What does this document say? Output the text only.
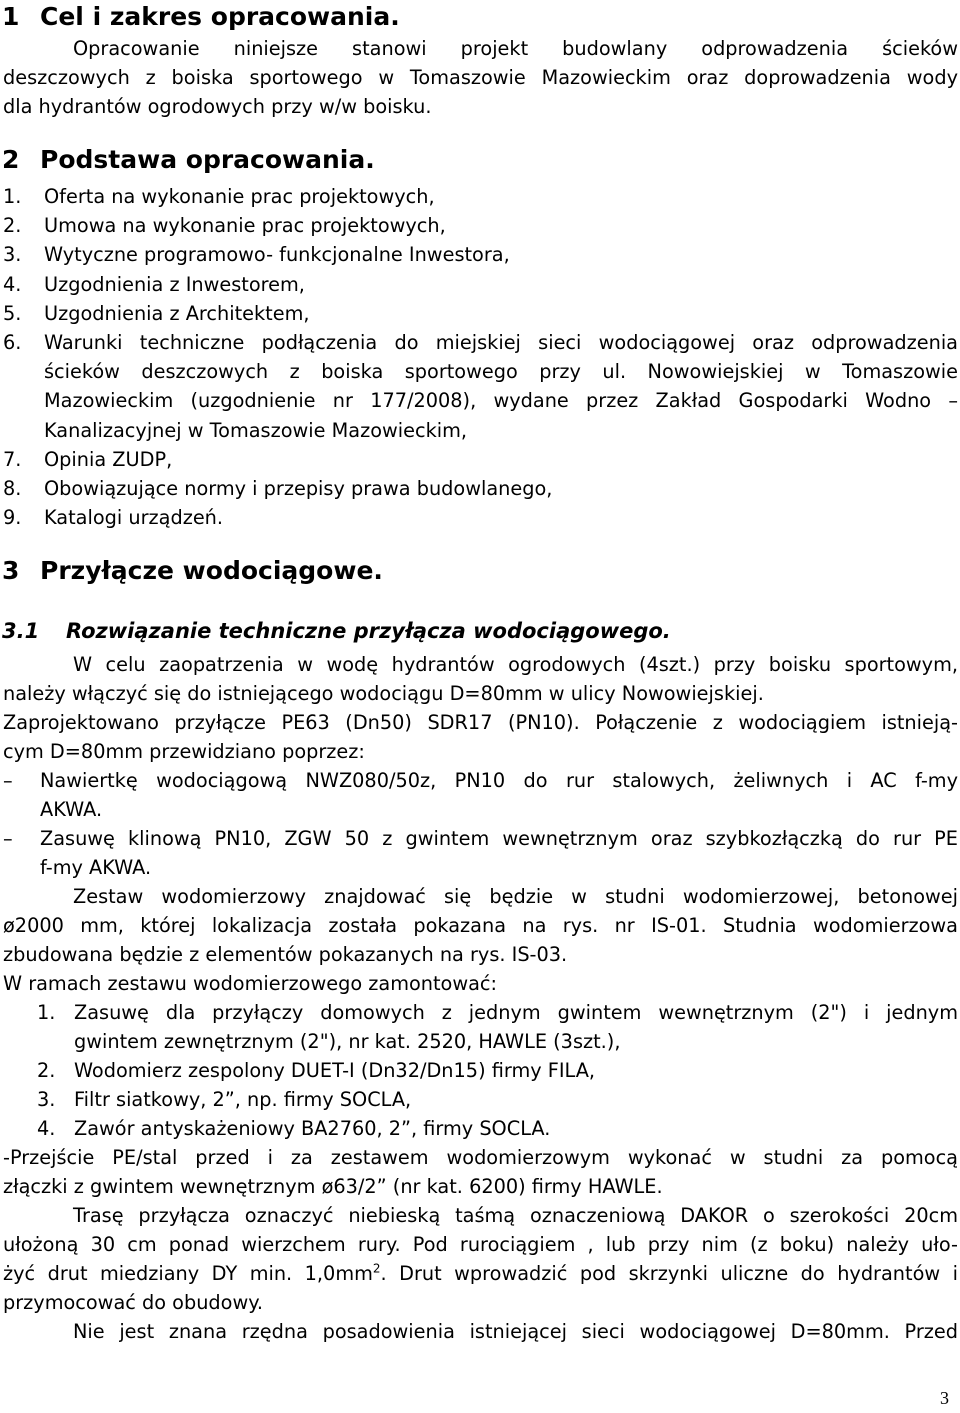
1 Cel i zakres opracowania.
Opracowanie niniejsze stanowi projekt budowlany odprowadzenia ścieków
deszczowych z boiska sportowego w Tomaszowie Mazowieckim oraz doprowadzenia wody
dla hydrantów ogrodowych przy w/w boisku.
2 Podstawa opracowania.
1. Oferta na wykonanie prac projektowych,
2. Umowa na wykonanie prac projektowych,
3. Wytyczne programowo- funkcjonalne Inwestora,
4. Uzgodnienia z Inwestorem,
5. Uzgodnienia z Architektem,
6. Warunki techniczne podłączenia do miejskiej sieci wodociągowej oraz odprowadzenia
ścieków deszczowych z boiska sportowego przy ul. Nowowiejskiej w Tomaszowie
Mazowieckim (uzgodnienie nr 177/2008), wydane przez Zakład Gospodarki Wodno –
Kanalizacyjnej w Tomaszowie Mazowieckim,
7. Opinia ZUDP,
8. Obowiązujące normy i przepisy prawa budowlanego,
9. Katalogi urządzeń.
3 Przyłącze wodociągowe.
3.1 Rozwiązanie techniczne przyłącza wodociągowego.
W celu zaopatrzenia w wodę hydrantów ogrodowych (4szt.) przy boisku sportowym,
należy włączyć się do istniejącego wodociągu D=80mm w ulicy Nowowiejskiej.
Zaprojektowano przyłącze PE63 (Dn50) SDR17 (PN10). Połączenie z wodociągiem istnieją-
cym D=80mm przewidziano poprzez:
– Nawiertkę wodociągową NWZ080/50z, PN10 do rur stalowych, żeliwnych i AC f-my
AKWA.
– Zasuwę klinową PN10, ZGW 50 z gwintem wewnętrznym oraz szybkozłączką do rur PE
f-my AKWA.
Zestaw wodomierzowy znajdować się będzie w studni wodomierzowej, betonowej
ø2000 mm, której lokalizacja została pokazana na rys. nr IS-01. Studnia wodomierzowa
zbudowana będzie z elementów pokazanych na rys. IS-03.
W ramach zestawu wodomierzowego zamontować:
1. Zasuwę dla przyłączy domowych z jednym gwintem wewnętrznym (2") i jednym
gwintem zewnętrznym (2"), nr kat. 2520, HAWLE (3szt.),
2. Wodomierz zespolony DUET-I (Dn32/Dn15) firmy FILA,
3. Filtr siatkowy, 2”, np. firmy SOCLA,
4. Zawór antyskażeniowy BA2760, 2”, firmy SOCLA.
-Przejście PE/stal przed i za zestawem wodomierzowym wykonać w studni za pomocą
złączki z gwintem wewnętrznym ø63/2” (nr kat. 6200) firmy HAWLE.
Trasę przyłącza oznaczyć niebieską taśmą oznaczeniową DAKOR o szerokości 20cm
ułożoną 30 cm ponad wierzchem rury. Pod rurociągiem , lub przy nim (z boku) należy uło-
żyć drut miedziany DY min. $1,0mm^2$. Drut wprowadzić pod skrzynki uliczne do hydrantów i
przymocować do obudowy.
Nie jest znana rzędna posadowienia istniejącej sieci wodociągowej D=80mm. Przed
3
